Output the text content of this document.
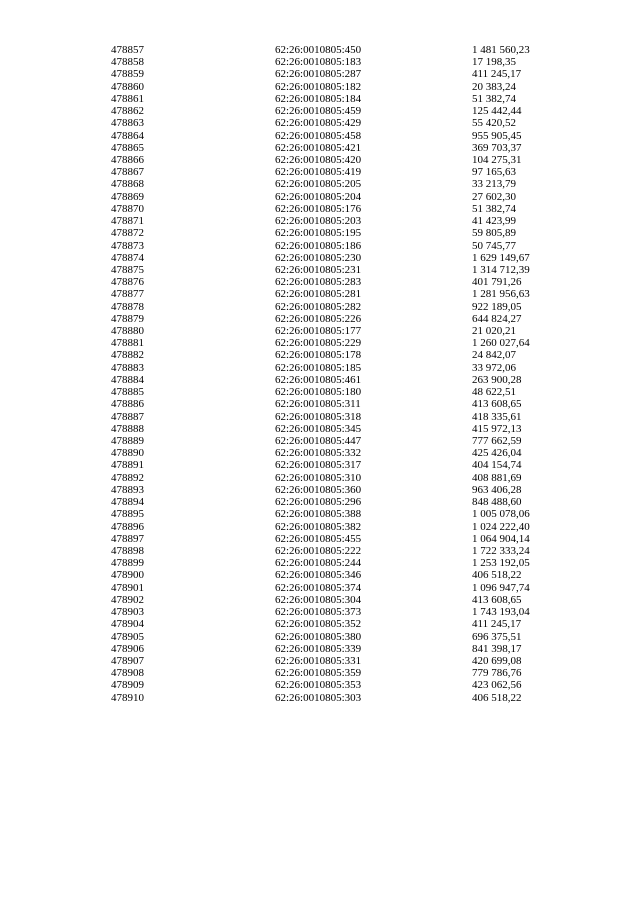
478857	62:26:0010805:450	1 481 560,23
478858	62:26:0010805:183	17 198,35
478859	62:26:0010805:287	411 245,17
478860	62:26:0010805:182	20 383,24
478861	62:26:0010805:184	51 382,74
478862	62:26:0010805:459	125 442,44
478863	62:26:0010805:429	55 420,52
478864	62:26:0010805:458	955 905,45
478865	62:26:0010805:421	369 703,37
478866	62:26:0010805:420	104 275,31
478867	62:26:0010805:419	97 165,63
478868	62:26:0010805:205	33 213,79
478869	62:26:0010805:204	27 602,30
478870	62:26:0010805:176	51 382,74
478871	62:26:0010805:203	41 423,99
478872	62:26:0010805:195	59 805,89
478873	62:26:0010805:186	50 745,77
478874	62:26:0010805:230	1 629 149,67
478875	62:26:0010805:231	1 314 712,39
478876	62:26:0010805:283	401 791,26
478877	62:26:0010805:281	1 281 956,63
478878	62:26:0010805:282	922 189,05
478879	62:26:0010805:226	644 824,27
478880	62:26:0010805:177	21 020,21
478881	62:26:0010805:229	1 260 027,64
478882	62:26:0010805:178	24 842,07
478883	62:26:0010805:185	33 972,06
478884	62:26:0010805:461	263 900,28
478885	62:26:0010805:180	48 622,51
478886	62:26:0010805:311	413 608,65
478887	62:26:0010805:318	418 335,61
478888	62:26:0010805:345	415 972,13
478889	62:26:0010805:447	777 662,59
478890	62:26:0010805:332	425 426,04
478891	62:26:0010805:317	404 154,74
478892	62:26:0010805:310	408 881,69
478893	62:26:0010805:360	963 406,28
478894	62:26:0010805:296	848 488,60
478895	62:26:0010805:388	1 005 078,06
478896	62:26:0010805:382	1 024 222,40
478897	62:26:0010805:455	1 064 904,14
478898	62:26:0010805:222	1 722 333,24
478899	62:26:0010805:244	1 253 192,05
478900	62:26:0010805:346	406 518,22
478901	62:26:0010805:374	1 096 947,74
478902	62:26:0010805:304	413 608,65
478903	62:26:0010805:373	1 743 193,04
478904	62:26:0010805:352	411 245,17
478905	62:26:0010805:380	696 375,51
478906	62:26:0010805:339	841 398,17
478907	62:26:0010805:331	420 699,08
478908	62:26:0010805:359	779 786,76
478909	62:26:0010805:353	423 062,56
478910	62:26:0010805:303	406 518,22
